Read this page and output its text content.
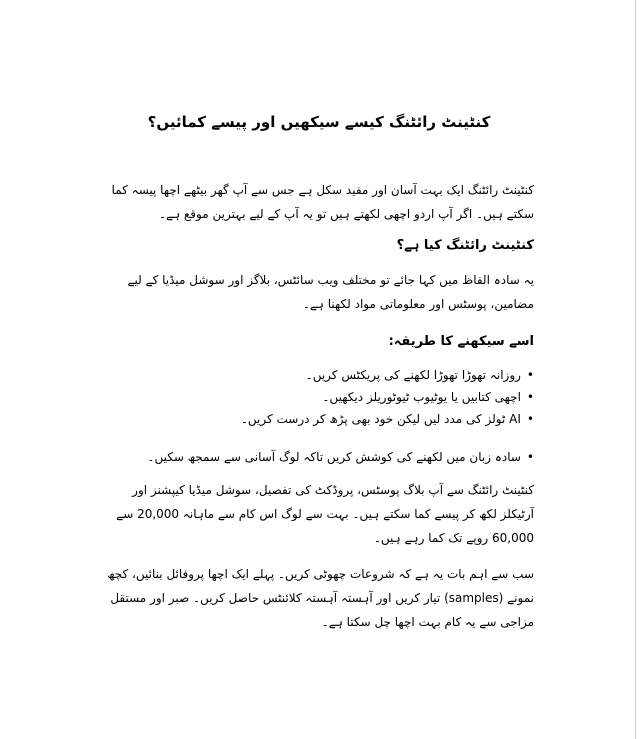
کنٹینٹ رائٹنگ کیسے سیکھیں اور پیسے کمائیں؟

کنٹینٹ رائٹنگ ایک بہت آسان اور مفید سکل ہے جس سے آپ گھر بیٹھے اچھا پیسہ کما سکتے ہیں۔ اگر آپ اردو اچھی لکھتے ہیں تو یہ آپ کے لیے بہترین موقع ہے۔

کنٹینٹ رائٹنگ کیا ہے؟

یہ سادہ الفاظ میں کہا جائے تو مختلف ویب سائٹس، بلاگز اور سوشل میڈیا کے لیے مضامین، پوسٹس اور معلوماتی مواد لکھنا ہے۔

اسے سیکھنے کا طریقہ:
• روزانہ تھوڑا تھوڑا لکھنے کی پریکٹس کریں۔
• اچھی کتابیں یا یوٹیوب ٹیوٹوریلز دیکھیں۔
• AI ٹولز کی مدد لیں لیکن خود بھی پڑھ کر درست کریں۔
• سادہ زبان میں لکھنے کی کوشش کریں تاکہ لوگ آسانی سے سمجھ سکیں۔

کنٹینٹ رائٹنگ سے آپ بلاگ پوسٹس، پروڈکٹ کی تفصیل، سوشل میڈیا کیپشنز اور آرٹیکلز لکھ کر پیسے کما سکتے ہیں۔ بہت سے لوگ اس کام سے ماہانہ 20,000 سے 60,000 روپے تک کما رہے ہیں۔

سب سے اہم بات یہ ہے کہ شروعات چھوٹی کریں۔ پہلے ایک اچھا پروفائل بنائیں، کچھ نمونے (samples) تیار کریں اور آہستہ آہستہ کلائنٹس حاصل کریں۔ صبر اور مستقل مزاجی سے یہ کام بہت اچھا چل سکتا ہے۔
